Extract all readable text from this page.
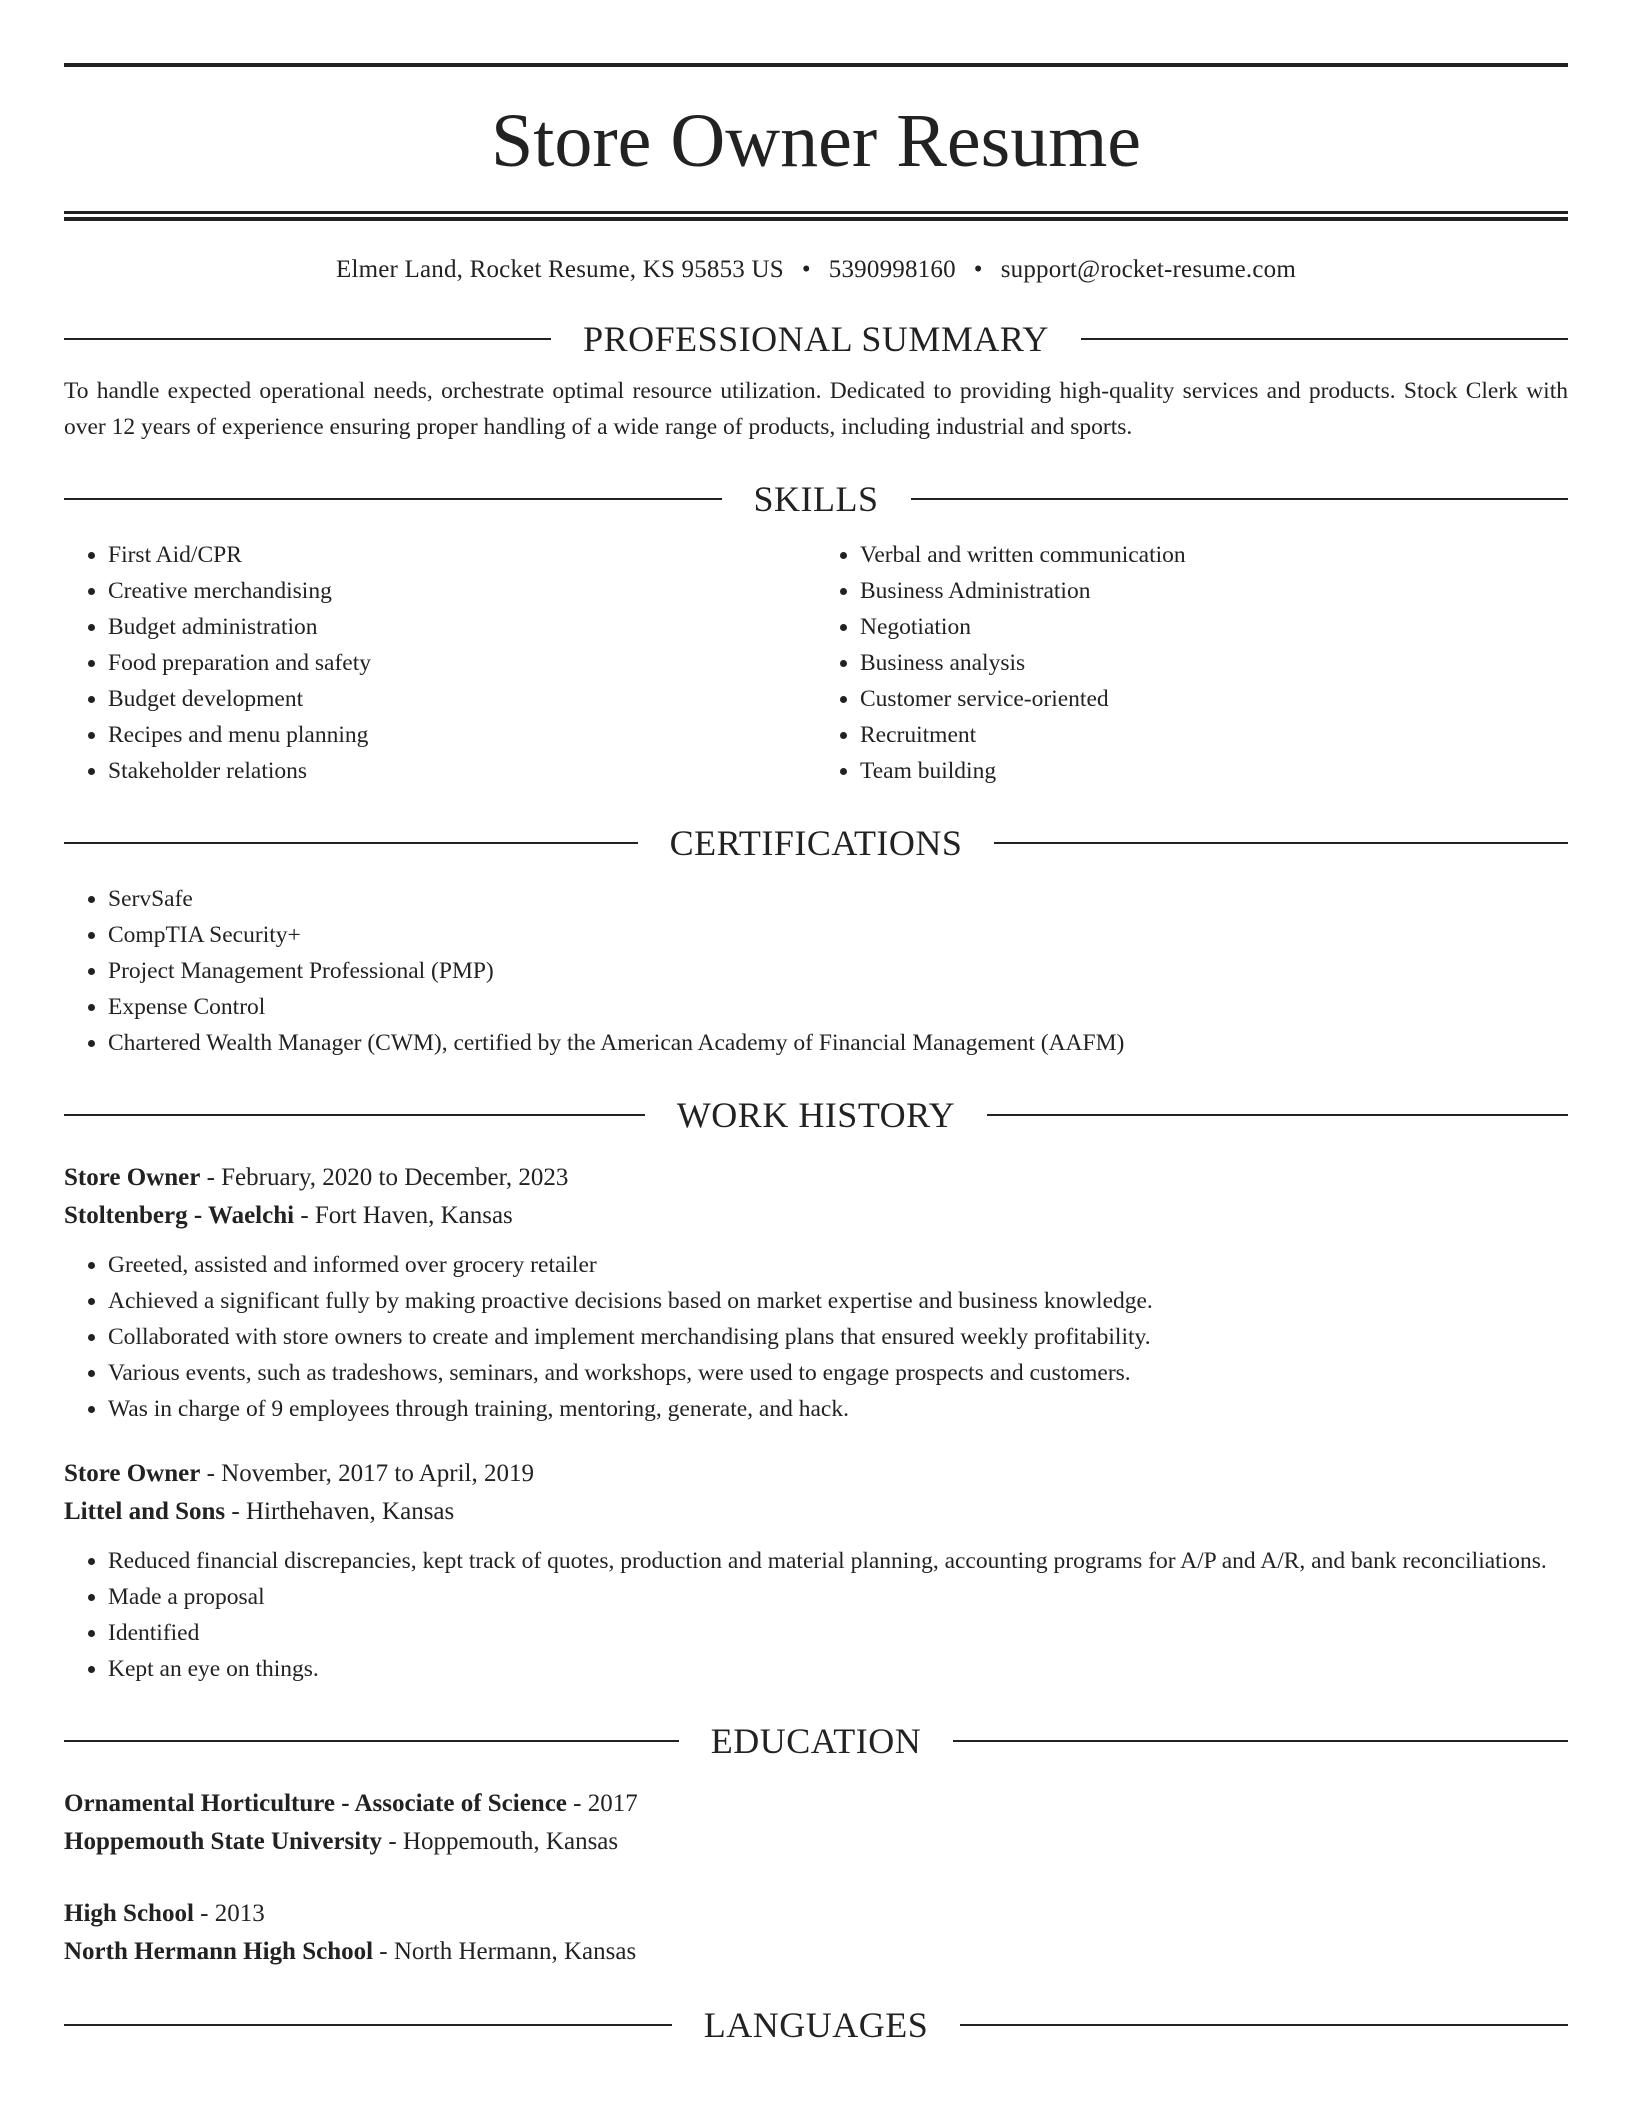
Store Owner Resume
Elmer Land, Rocket Resume, KS 95853 US • 5390998160 • support@rocket-resume.com
PROFESSIONAL SUMMARY
To handle expected operational needs, orchestrate optimal resource utilization. Dedicated to providing high-quality services and products. Stock Clerk with over 12 years of experience ensuring proper handling of a wide range of products, including industrial and sports.
SKILLS
• First Aid/CPR
• Creative merchandising
• Budget administration
• Food preparation and safety
• Budget development
• Recipes and menu planning
• Stakeholder relations
• Verbal and written communication
• Business Administration
• Negotiation
• Business analysis
• Customer service-oriented
• Recruitment
• Team building
CERTIFICATIONS
• ServSafe
• CompTIA Security+
• Project Management Professional (PMP)
• Expense Control
• Chartered Wealth Manager (CWM), certified by the American Academy of Financial Management (AAFM)
WORK HISTORY
Store Owner - February, 2020 to December, 2023
Stoltenberg - Waelchi - Fort Haven, Kansas
• Greeted, assisted and informed over grocery retailer
• Achieved a significant fully by making proactive decisions based on market expertise and business knowledge.
• Collaborated with store owners to create and implement merchandising plans that ensured weekly profitability.
• Various events, such as tradeshows, seminars, and workshops, were used to engage prospects and customers.
• Was in charge of 9 employees through training, mentoring, generate, and hack.
Store Owner - November, 2017 to April, 2019
Littel and Sons - Hirthehaven, Kansas
• Reduced financial discrepancies, kept track of quotes, production and material planning, accounting programs for A/P and A/R, and bank reconciliations.
• Made a proposal
• Identified
• Kept an eye on things.
EDUCATION
Ornamental Horticulture - Associate of Science - 2017
Hoppemouth State University - Hoppemouth, Kansas
High School - 2013
North Hermann High School - North Hermann, Kansas
LANGUAGES
